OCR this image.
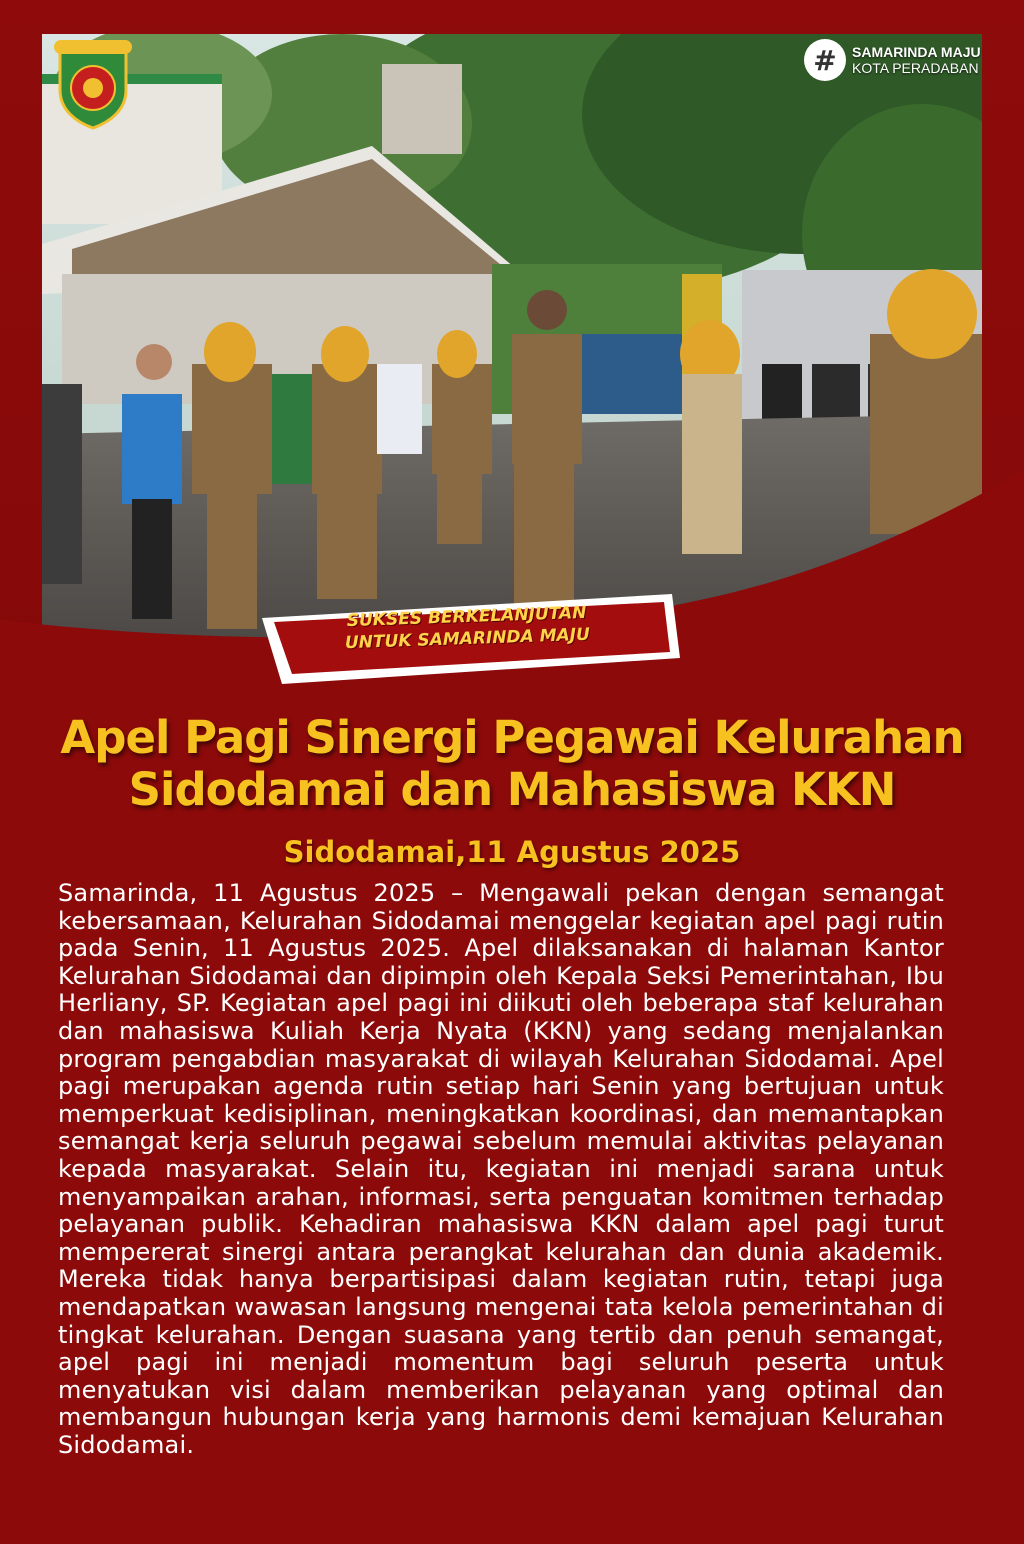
#	SAMARINDA MAJU
KOTA PERADABAN
SUKSES BERKELANJUTAN
UNTUK SAMARINDA MAJU
Apel Pagi Sinergi Pegawai Kelurahan
Sidodamai dan Mahasiswa KKN
Sidodamai,11 Agustus 2025
Samarinda, 11 Agustus 2025 – Mengawali pekan dengan semangat kebersamaan, Kelurahan Sidodamai menggelar kegiatan apel pagi rutin pada Senin, 11 Agustus 2025. Apel dilaksanakan di halaman Kantor Kelurahan Sidodamai dan dipimpin oleh Kepala Seksi Pemerintahan, Ibu Herliany, SP. Kegiatan apel pagi ini diikuti oleh beberapa staf kelurahan dan mahasiswa Kuliah Kerja Nyata (KKN) yang sedang menjalankan program pengabdian masyarakat di wilayah Kelurahan Sidodamai. Apel pagi merupakan agenda rutin setiap hari Senin yang bertujuan untuk memperkuat kedisiplinan, meningkatkan koordinasi, dan memantapkan semangat kerja seluruh pegawai sebelum memulai aktivitas pelayanan kepada masyarakat. Selain itu, kegiatan ini menjadi sarana untuk menyampaikan arahan, informasi, serta penguatan komitmen terhadap pelayanan publik. Kehadiran mahasiswa KKN dalam apel pagi turut mempererat sinergi antara perangkat kelurahan dan dunia akademik. Mereka tidak hanya berpartisipasi dalam kegiatan rutin, tetapi juga mendapatkan wawasan langsung mengenai tata kelola pemerintahan di tingkat kelurahan. Dengan suasana yang tertib dan penuh semangat, apel pagi ini menjadi momentum bagi seluruh peserta untuk menyatukan visi dalam memberikan pelayanan yang optimal dan membangun hubungan kerja yang harmonis demi kemajuan Kelurahan Sidodamai.
